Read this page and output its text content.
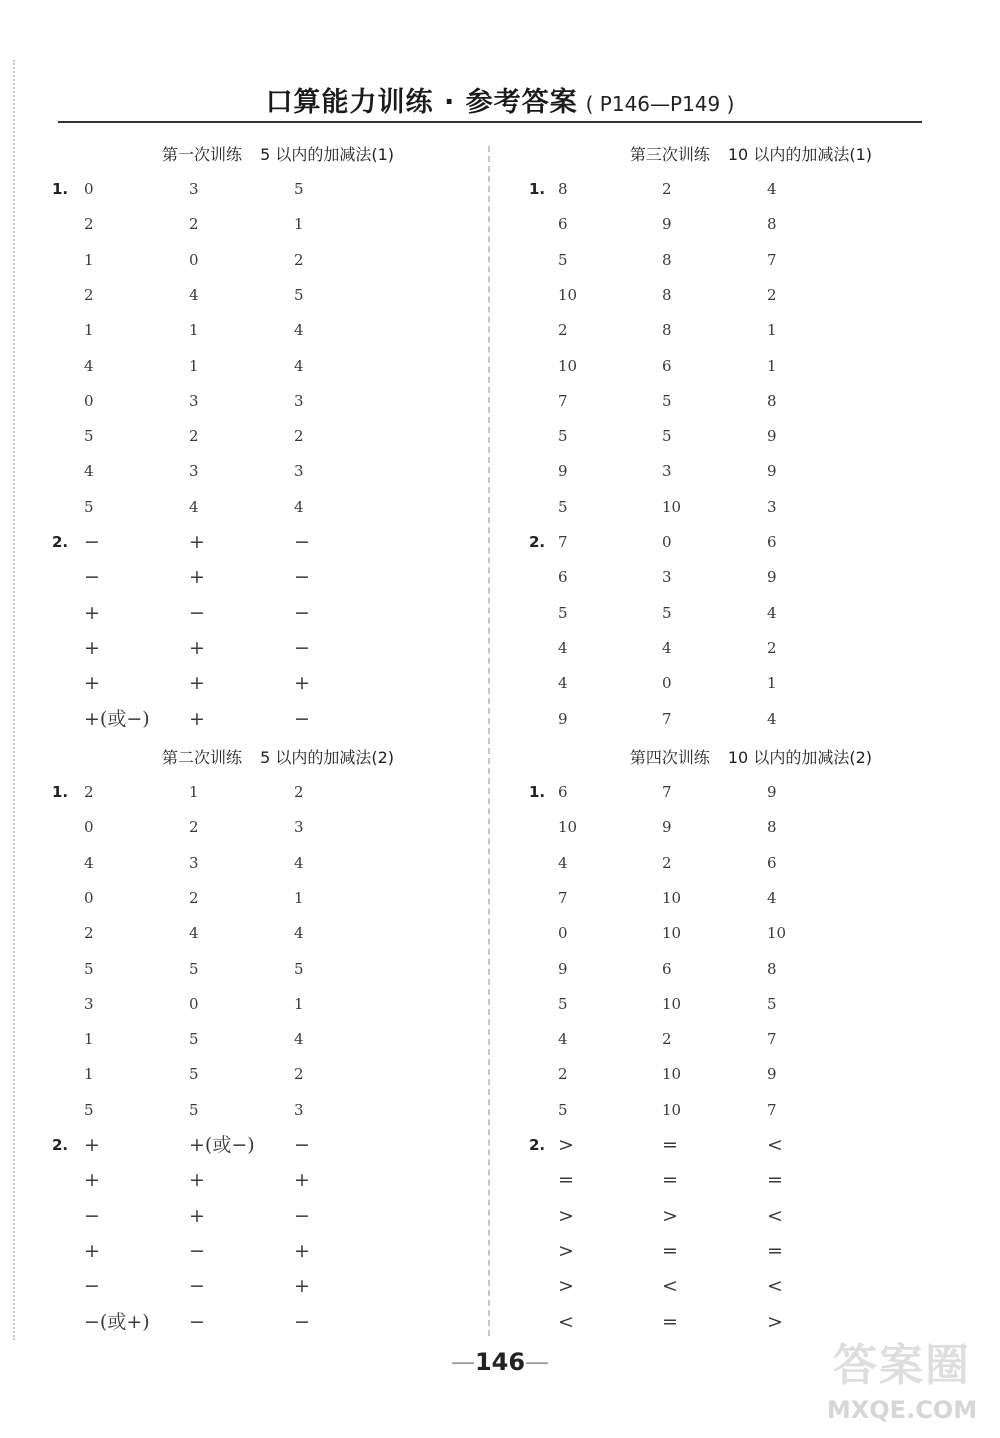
口算能力训练 · 参考答案 ( P146—P149 )
第一次训练 5 以内的加减法(1)
1. 0	3	5
2	2	1
1	0	2
2	4	5
1	1	4
4	1	4
0	3	3
5	2	2
4	3	3
5	4	4
2. −	+	−
−	+	−
+	−	−
+	+	−
+	+	+
+(或−) +	−
第二次训练 5 以内的加减法(2)
1. 2	1	2
0	2	3
4	3	4
0	2	1
2	4	4
5	5	5
3	0	1
1	5	4
1	5	2
5	5	3
2. +	+(或−) −
+	+	+
−	+	−
+	−	+
−	−	+
−(或+) −	−
第三次训练 10 以内的加减法(1)
1. 8	2	4
6	9	8
5	8	7
10	8	2
2	8	1
10	6	1
7	5	8
5	5	9
9	3	9
5	10	3
2. 7	0	6
6	3	9
5	5	4
4	4	2
4	0	1
9	7	4
第四次训练 10 以内的加减法(2)
1. 6	7	9
10	9	8
4	2	6
7	10	4
0	10	10
9	6	8
5	10	5
4	2	7
2	10	9
5	10	7
2. >	=	<
=	=	=
>	>	<
>	=	=
>	<	<
<	=	>
—146—	答案圈
MXQE.COM
